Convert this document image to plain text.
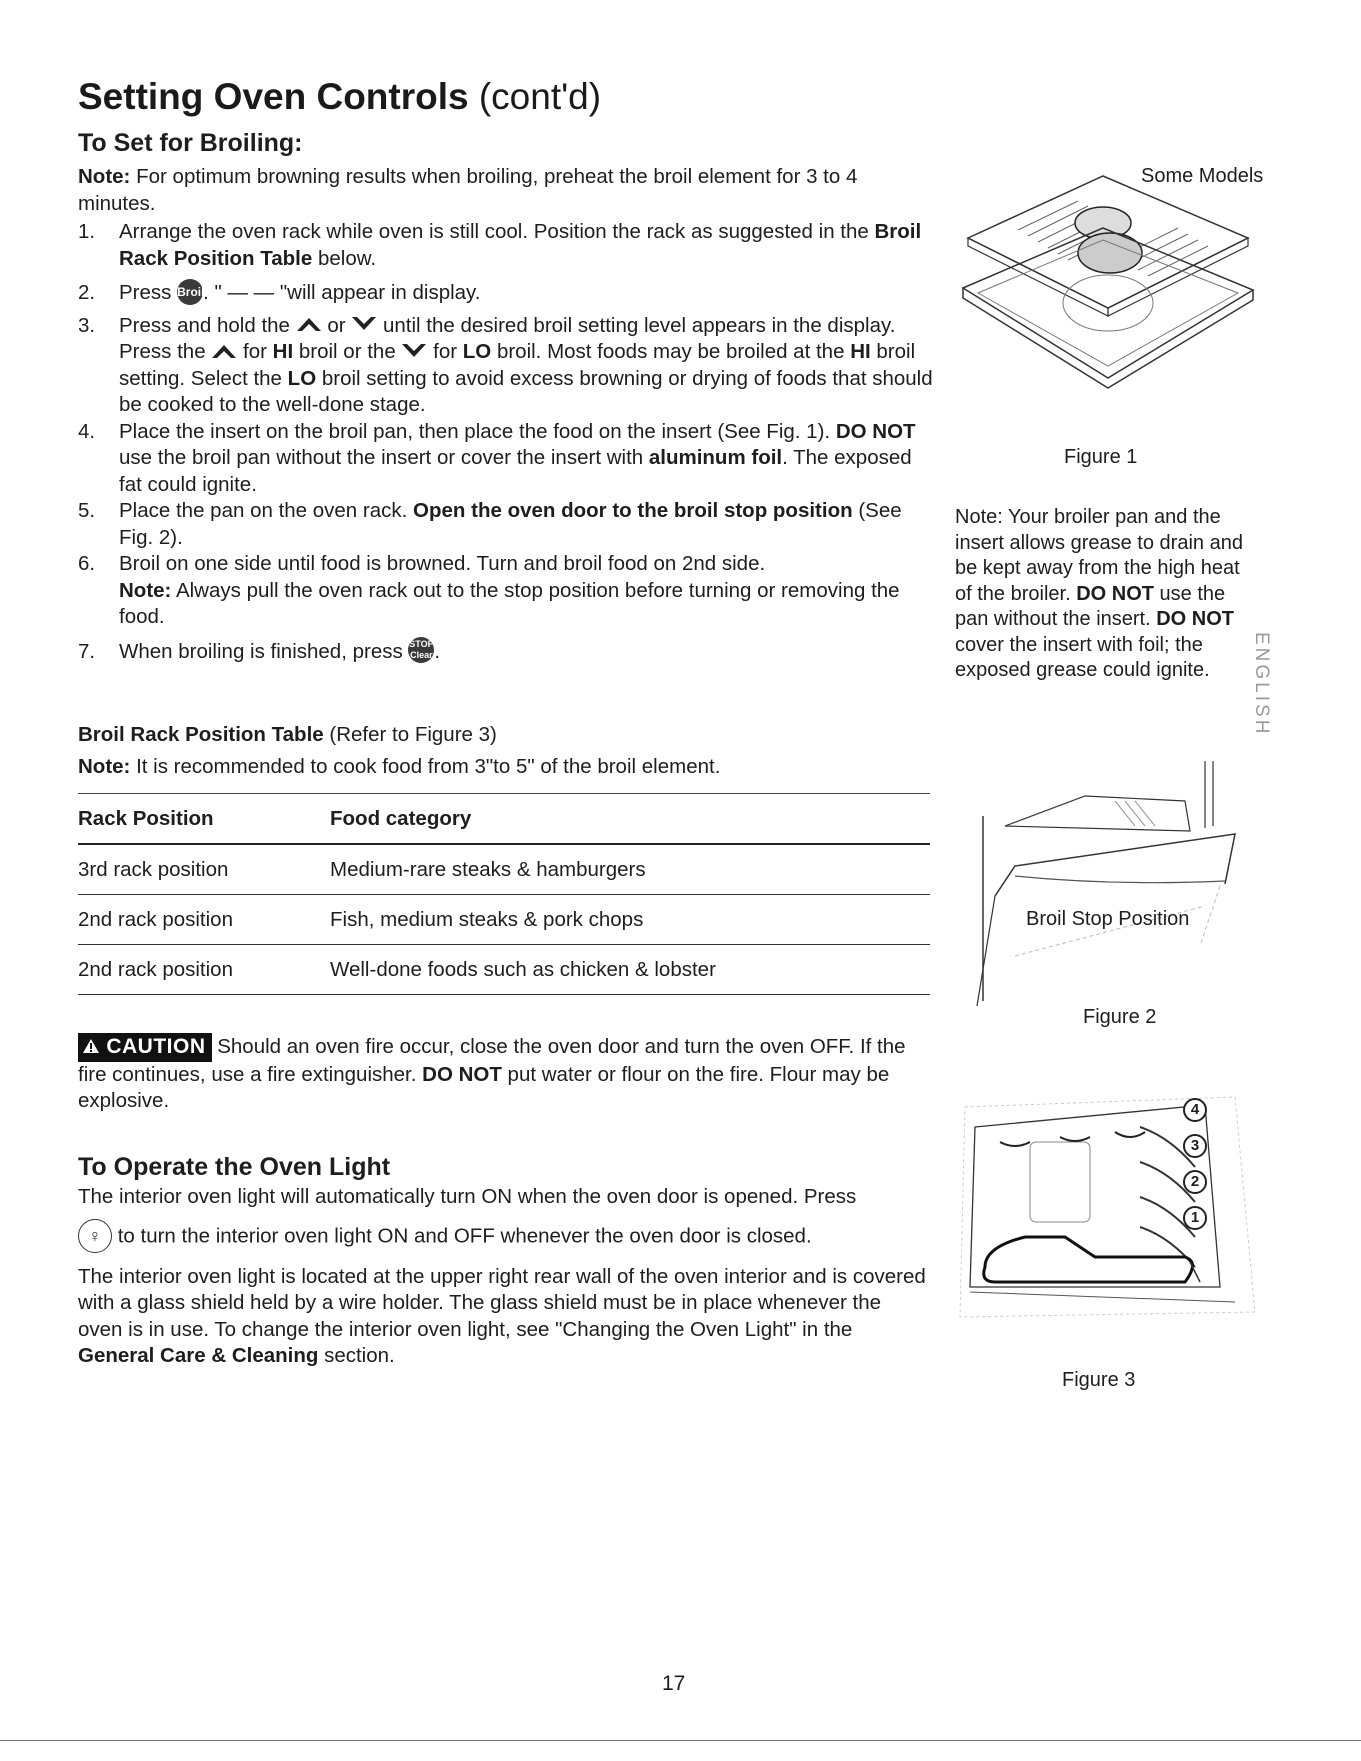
Setting Oven Controls (cont'd)
To Set for Broiling:
Note: For optimum browning results when broiling, preheat the broil element for 3 to 4 minutes.
1. Arrange the oven rack while oven is still cool. Position the rack as suggested in the Broil Rack Position Table below.
2. Press Broil. " — — "will appear in display.
3. Press and hold the or until the desired broil setting level appears in the display. Press the for HI broil or the for LO broil. Most foods may be broiled at the HI broil setting. Select the LO broil setting to avoid excess browning or drying of foods that should be cooked to the well-done stage.
4. Place the insert on the broil pan, then place the food on the insert (See Fig. 1). DO NOT use the broil pan without the insert or cover the insert with aluminum foil. The exposed fat could ignite.
5. Place the pan on the oven rack. Open the oven door to the broil stop position (See Fig. 2).
6. Broil on one side until food is browned. Turn and broil food on 2nd side.
Note: Always pull the oven rack out to the stop position before turning or removing the food.
7. When broiling is finished, press STOP
Clear.
Broil Rack Position Table (Refer to Figure 3)
Note: It is recommended to cook food from 3"to 5" of the broil element.
Rack Position	Food category
3rd rack position	Medium-rare steaks & hamburgers
2nd rack position	Fish, medium steaks & pork chops
2nd rack position	Well-done foods such as chicken & lobster
CAUTION Should an oven fire occur, close the oven door and turn the oven OFF. If the fire continues, use a fire extinguisher. DO NOT put water or flour on the fire. Flour may be explosive.
To Operate the Oven Light
The interior oven light will automatically turn ON when the oven door is opened. Press
♀ to turn the interior oven light ON and OFF whenever the oven door is closed.
The interior oven light is located at the upper right rear wall of the oven interior and is covered with a glass shield held by a wire holder. The glass shield must be in place whenever the oven is in use. To change the interior oven light, see "Changing the Oven Light" in the General Care & Cleaning section.
Some Models
Figure 1
Note: Your broiler pan and the insert allows grease to drain and be kept away from the high heat of the broiler. DO NOT use the pan without the insert. DO NOT cover the insert with foil; the exposed grease could ignite.	ENGLISH
Broil Stop Position
Figure 2
4
3
2
1
Figure 3
17
